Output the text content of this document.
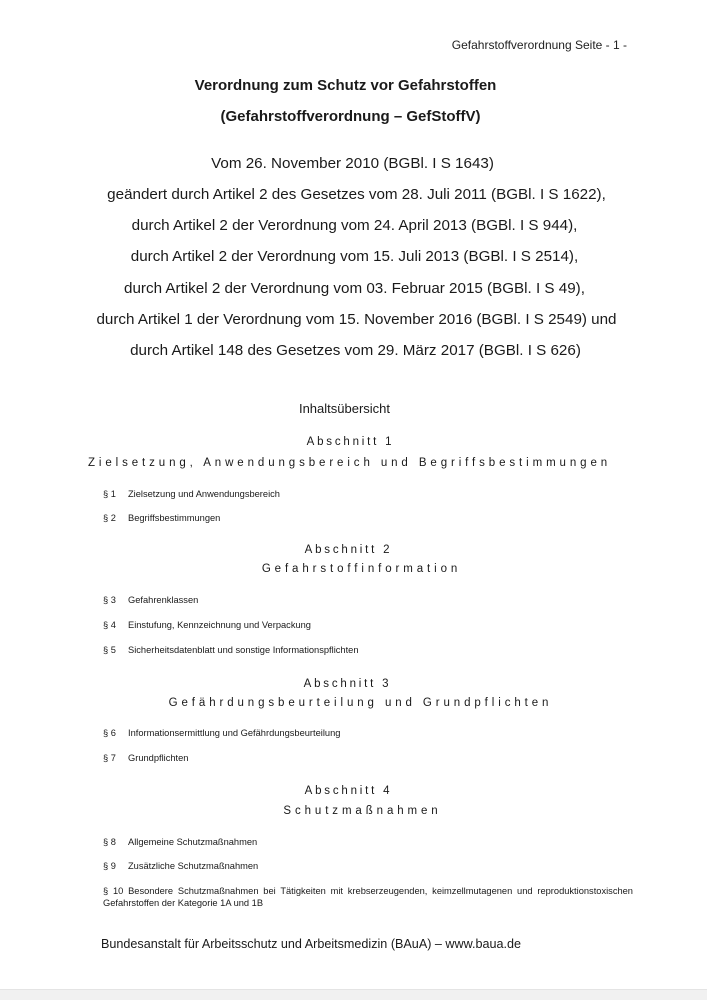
Gefahrstoffverordnung Seite - 1 -
Verordnung zum Schutz vor Gefahrstoffen
(Gefahrstoffverordnung – GefStoffV)
Vom 26. November 2010 (BGBl. I S 1643)
geändert durch Artikel 2 des Gesetzes vom 28. Juli 2011 (BGBl. I S 1622),
durch Artikel 2 der Verordnung vom 24. April 2013 (BGBl. I S 944),
durch Artikel 2 der Verordnung vom 15. Juli 2013 (BGBl. I S 2514),
durch Artikel 2 der Verordnung vom 03. Februar 2015 (BGBl. I S 49),
durch Artikel 1 der Verordnung vom 15. November 2016 (BGBl. I S 2549) und
durch Artikel 148 des Gesetzes vom 29. März 2017 (BGBl. I S 626)
Inhaltsübersicht
Abschnitt 1
Zielsetzung, Anwendungsbereich und Begriffsbestimmungen
§ 1 Zielsetzung und Anwendungsbereich
§ 2 Begriffsbestimmungen
Abschnitt 2
Gefahrstoffinformation
§ 3 Gefahrenklassen
§ 4 Einstufung, Kennzeichnung und Verpackung
§ 5 Sicherheitsdatenblatt und sonstige Informationspflichten
Abschnitt 3
Gefährdungsbeurteilung und Grundpflichten
§ 6 Informationsermittlung und Gefährdungsbeurteilung
§ 7 Grundpflichten
Abschnitt 4
Schutzmaßnahmen
§ 8 Allgemeine Schutzmaßnahmen
§ 9 Zusätzliche Schutzmaßnahmen
§ 10 Besondere Schutzmaßnahmen bei Tätigkeiten mit krebserzeugenden, keimzellmutagenen und reproduktionstoxischen Gefahrstoffen der Kategorie 1A und 1B
Bundesanstalt für Arbeitsschutz und Arbeitsmedizin (BAuA) – www.baua.de
